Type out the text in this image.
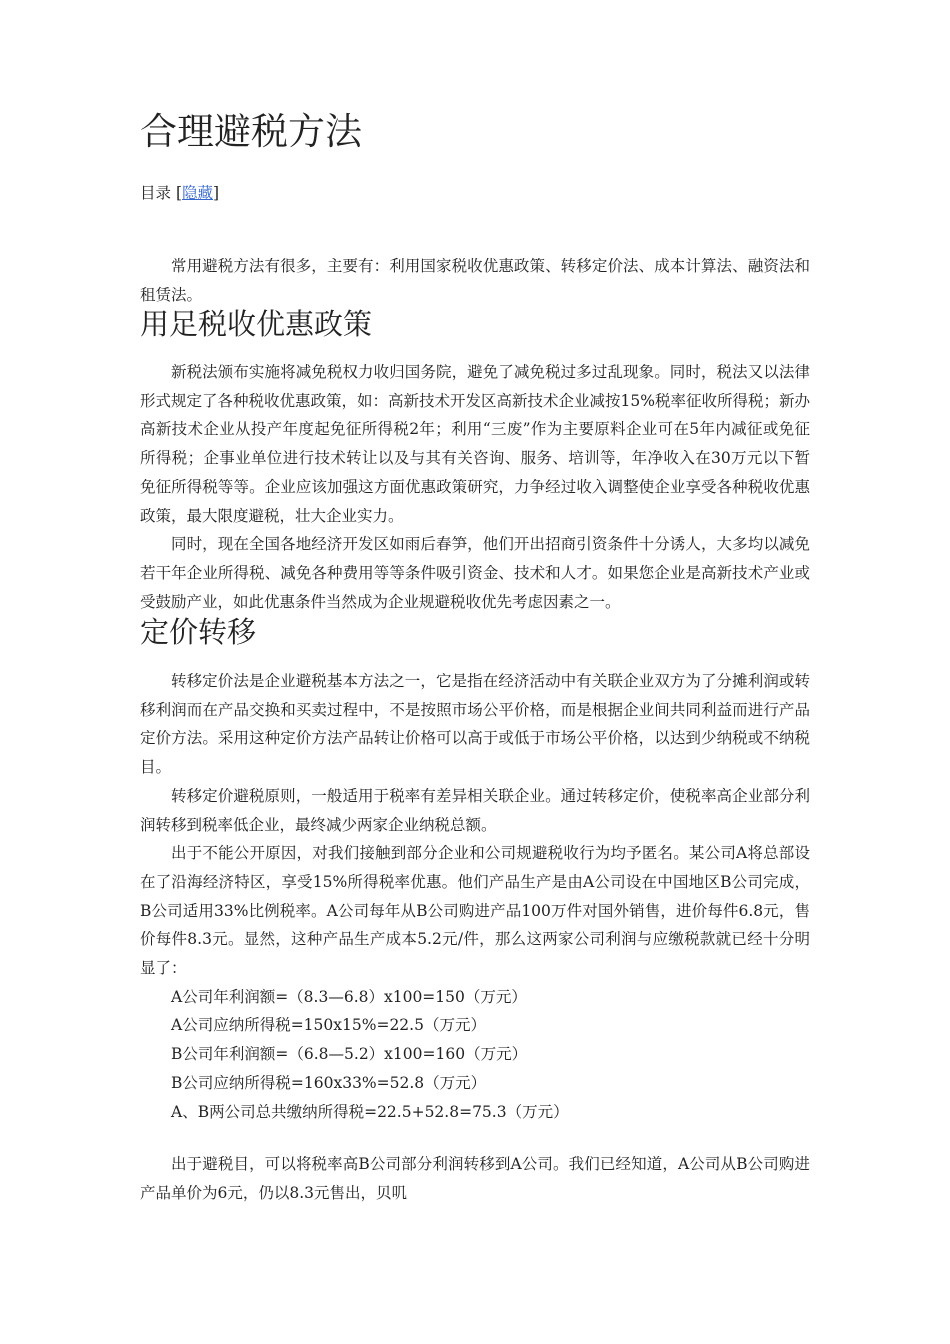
合理避税方法
目录 [隐藏]

常用避税方法有很多，主要有：利用国家税收优惠政策、转移定价法、成本计算法、融资法和租赁法。

用足税收优惠政策

新税法颁布实施将减免税权力收归国务院，避免了减免税过多过乱现象。同时，税法又以法律形式规定了各种税收优惠政策，如：高新技术开发区高新技术企业减按15%税率征收所得税；新办高新技术企业从投产年度起免征所得税2年；利用“三废”作为主要原料企业可在5年内减征或免征所得税；企事业单位进行技术转让以及与其有关咨询、服务、培训等，年净收入在30万元以下暂免征所得税等等。企业应该加强这方面优惠政策研究，力争经过收入调整使企业享受各种税收优惠政策，最大限度避税，壮大企业实力。

同时，现在全国各地经济开发区如雨后春笋，他们开出招商引资条件十分诱人，大多均以减免若干年企业所得税、减免各种费用等等条件吸引资金、技术和人才。如果您企业是高新技术产业或受鼓励产业，如此优惠条件当然成为企业规避税收优先考虑因素之一。

定价转移

转移定价法是企业避税基本方法之一，它是指在经济活动中有关联企业双方为了分摊利润或转移利润而在产品交换和买卖过程中，不是按照市场公平价格，而是根据企业间共同利益而进行产品定价方法。采用这种定价方法产品转让价格可以高于或低于市场公平价格，以达到少纳税或不纳税目。

转移定价避税原则，一般适用于税率有差异相关联企业。通过转移定价，使税率高企业部分利润转移到税率低企业，最终减少两家企业纳税总额。

出于不能公开原因，对我们接触到部分企业和公司规避税收行为均予匿名。某公司A将总部设在了沿海经济特区，享受15%所得税率优惠。他们产品生产是由A公司设在中国地区B公司完成，B公司适用33%比例税率。A公司每年从B公司购进产品100万件对国外销售，进价每件6.8元，售价每件8.3元。显然，这种产品生产成本5.2元/件，那么这两家公司利润与应缴税款就已经十分明显了：

A公司年利润额=（8.3—6.8）x100=150（万元）
A公司应纳所得税=150x15%=22.5（万元）
B公司年利润额=（6.8—5.2）x100=160（万元）
B公司应纳所得税=160x33%=52.8（万元）
A、B两公司总共缴纳所得税=22.5+52.8=75.3（万元）

出于避税目，可以将税率高B公司部分利润转移到A公司。我们已经知道，A公司从B公司购进产品单价为6元，仍以8.3元售出，贝叽
